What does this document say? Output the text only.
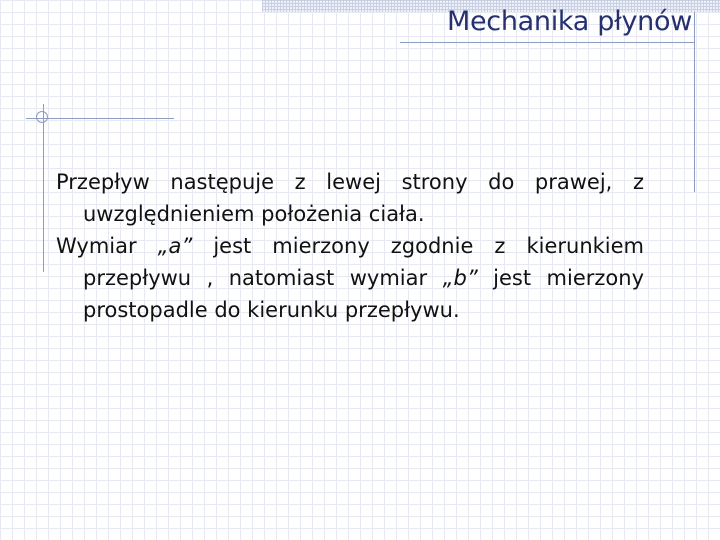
Mechanika płynów

Przepływ następuje z lewej strony do prawej, z uwzględnieniem położenia ciała.

Wymiar „a” jest mierzony zgodnie z kierunkiem przepływu , natomiast wymiar „b” jest mierzony prostopadle do kierunku przepływu.
